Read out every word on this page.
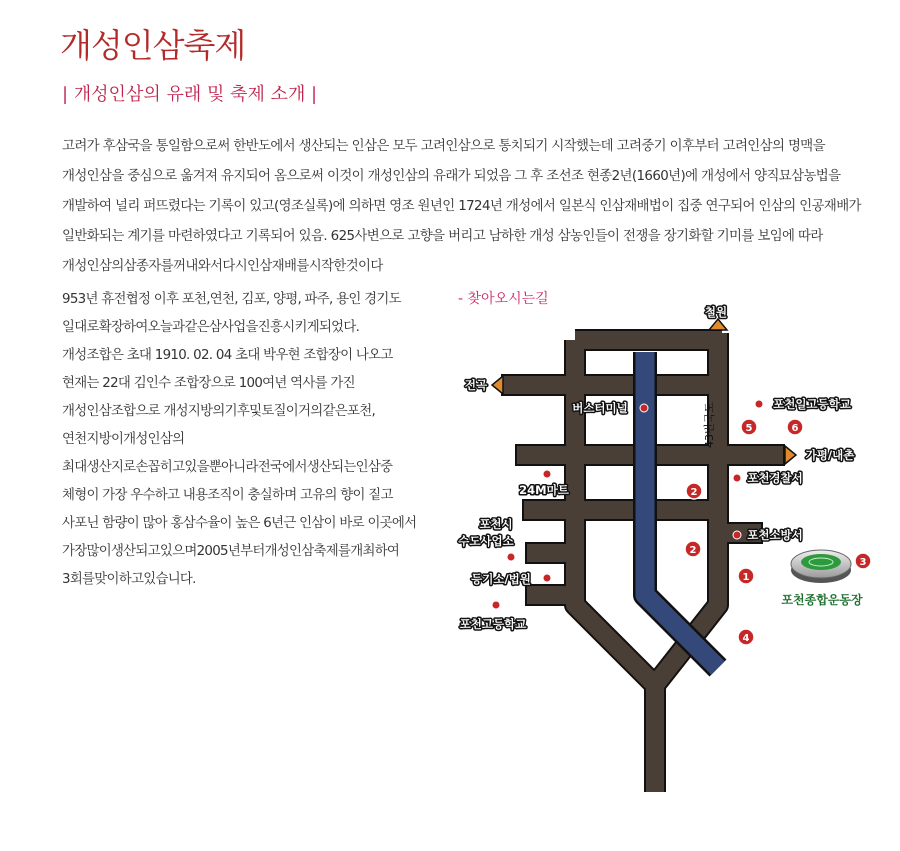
개성인삼축제
| 개성인삼의 유래 및 축제 소개 |
고려가 후삼국을 통일함으로써 한반도에서 생산되는 인삼은 모두 고려인삼으로 통치되기 시작했는데 고려중기 이후부터 고려인삼의 명맥을 개성인삼을 중심으로 옮겨져 유지되어 옴으로써 이것이 개성인삼의 유래가 되었음 그 후 조선조 현종2년(1660년)에 개성에서 양직묘삼농법을 개발하여 널리 퍼뜨렸다는 기록이 있고(영조실록)에 의하면 영조 원년인 1724년 개성에서 일본식 인삼재배법이 집중 연구되어 인삼의 인공재배가 일반화되는 계기를 마련하였다고 기록되어 있음. 625사변으로 고향을 버리고 남하한 개성 삼농인들이 전쟁을 장기화할 기미를 보임에 따라 개성인삼의삼종자를꺼내와서다시인삼재배를시작한것이다

953년 휴전협정 이후 포천,연천, 김포, 양평, 파주, 용인 경기도 일대로확장하여오늘과같은삼사업을진흥시키게되었다.

개성조합은 초대 1910. 02. 04 초대 박우현 조합장이 나오고 현재는 22대 김인수 조합장으로 100여년 역사를 가진 개성인삼조합으로 개성지방의기후및토질이거의같은포천,연천지방이개성인삼의 최대생산지로손꼽히고있을뿐아니라전국에서생산되는인삼중 체형이 가장 우수하고 내용조직이 충실하며 고유의 향이 짙고 사포닌 함량이 많아 홍삼수율이 높은 6년근 인삼이 바로 이곳에서 가장많이생산되고있으며2005년부터개성인삼축제를개최하여 3회를맞이하고있습니다.

- 찾아오시는길
1
2
2
3
4
5	6
철원
전곡
버스터미널	포천일고등학교
가평/내촌
24M마트
포천경찰서
포천시
수도사업소	포천소방서
등기소/법원
포천고등학교
포천종합운동장
43번국도
